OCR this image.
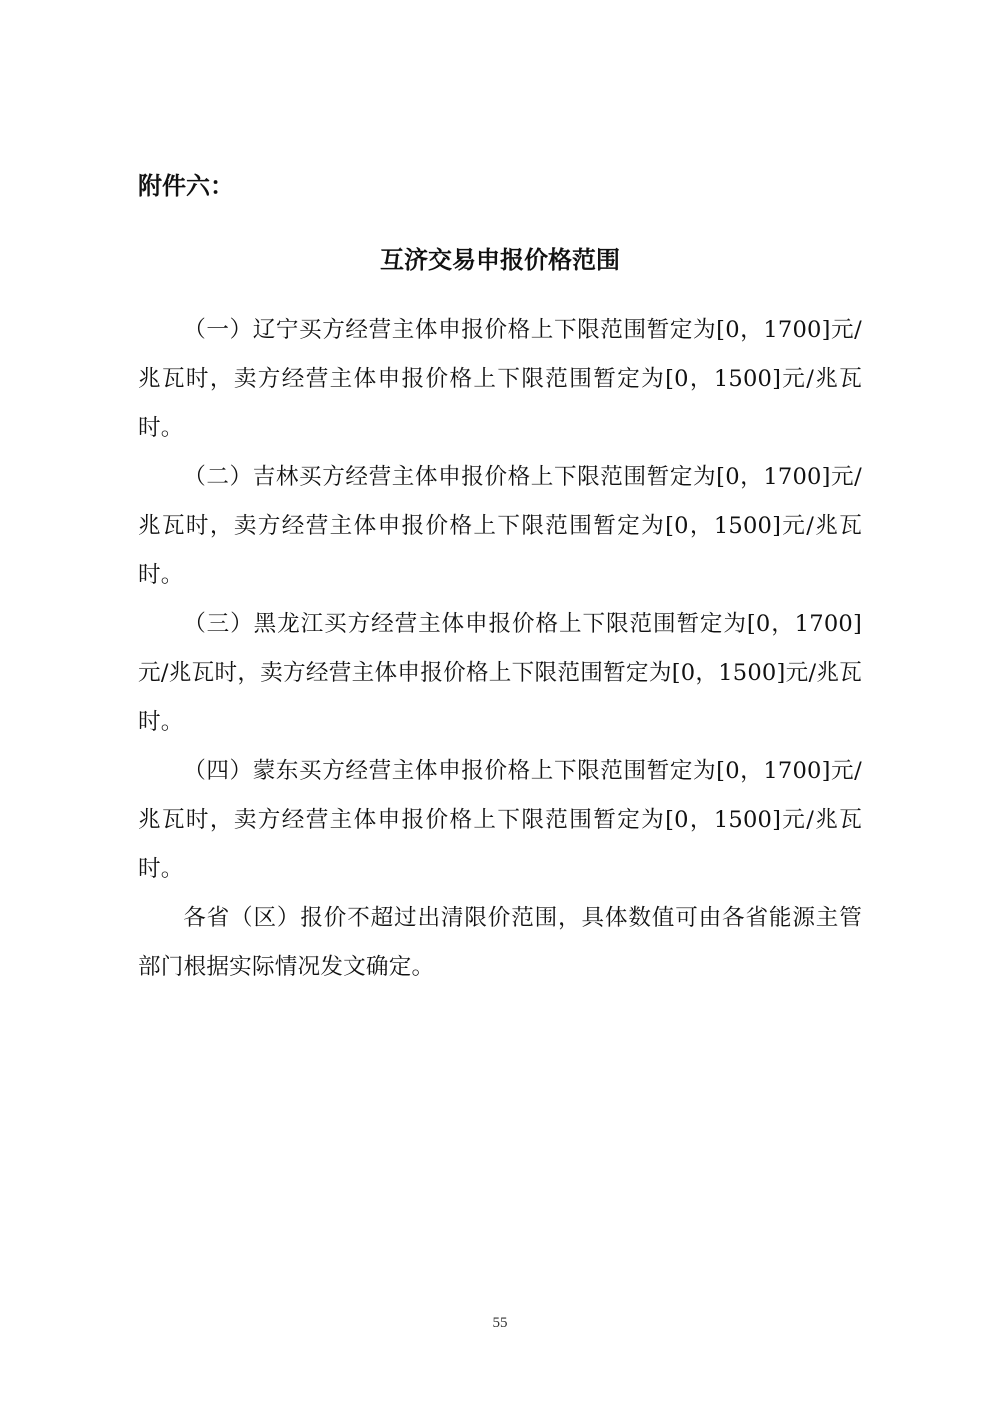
附件六：
互济交易申报价格范围

（一）辽宁买方经营主体申报价格上下限范围暂定为[0，1700]元/兆瓦时，卖方经营主体申报价格上下限范围暂定为[0，1500]元/兆瓦时。

（二）吉林买方经营主体申报价格上下限范围暂定为[0，1700]元/兆瓦时，卖方经营主体申报价格上下限范围暂定为[0，1500]元/兆瓦时。

（三）黑龙江买方经营主体申报价格上下限范围暂定为[0，1700]元/兆瓦时，卖方经营主体申报价格上下限范围暂定为[0，1500]元/兆瓦时。

（四）蒙东买方经营主体申报价格上下限范围暂定为[0，1700]元/兆瓦时，卖方经营主体申报价格上下限范围暂定为[0，1500]元/兆瓦时。

各省（区）报价不超过出清限价范围，具体数值可由各省能源主管部门根据实际情况发文确定。

55
